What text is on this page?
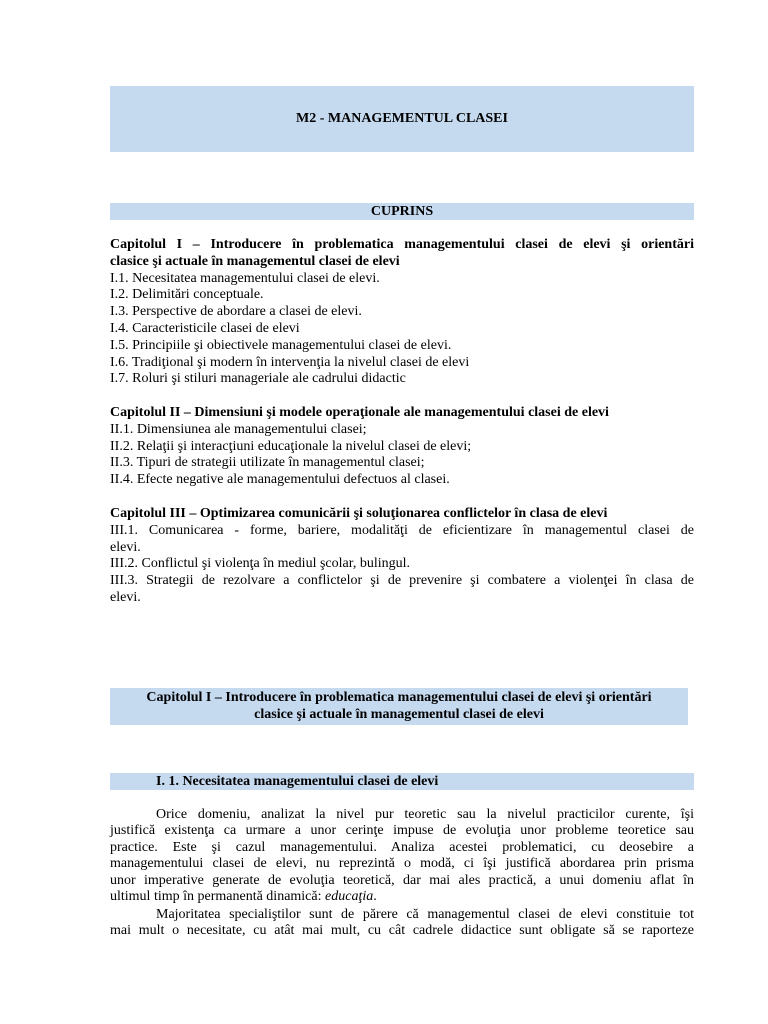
M2 - MANAGEMENTUL CLASEI
CUPRINS
Capitolul I – Introducere în problematica managementului clasei de elevi şi orientări
clasice şi actuale în managementul clasei de elevi
I.1. Necesitatea managementului clasei de elevi.
I.2. Delimitări conceptuale.
I.3. Perspective de abordare a clasei de elevi.
I.4. Caracteristicile clasei de elevi
I.5. Principiile şi obiectivele managementului clasei de elevi.
I.6. Tradiţional şi modern în intervenţia la nivelul clasei de elevi
I.7. Roluri şi stiluri manageriale ale cadrului didactic
Capitolul II – Dimensiuni şi modele operaţionale ale managementului clasei de elevi
II.1. Dimensiunea ale managementului clasei;
II.2. Relaţii şi interacţiuni educaţionale la nivelul clasei de elevi;
II.3. Tipuri de strategii utilizate în managementul clasei;
II.4. Efecte negative ale managementului defectuos al clasei.
Capitolul III – Optimizarea comunicării şi soluţionarea conflictelor în clasa de elevi
III.1. Comunicarea - forme, bariere, modalităţi de eficientizare în managementul clasei de
elevi.
III.2. Conflictul şi violenţa în mediul şcolar, bulingul.
III.3. Strategii de rezolvare a conflictelor şi de prevenire şi combatere a violenţei în clasa de
elevi.
Capitolul I – Introducere în problematica managementului clasei de elevi şi orientări
clasice şi actuale în managementul clasei de elevi
I. 1. Necesitatea managementului clasei de elevi
Orice domeniu, analizat la nivel pur teoretic sau la nivelul practicilor curente, îşi
justifică existenţa ca urmare a unor cerinţe impuse de evoluţia unor probleme teoretice sau
practice. Este şi cazul managementului. Analiza acestei problematici, cu deosebire a
managementului clasei de elevi, nu reprezintă o modă, ci îşi justifică abordarea prin prisma
unor imperative generate de evoluţia teoretică, dar mai ales practică, a unui domeniu aflat în
ultimul timp în permanentă dinamică: educaţia.
Majoritatea specialiştilor sunt de părere că managementul clasei de elevi constituie tot
mai mult o necesitate, cu atât mai mult, cu cât cadrele didactice sunt obligate să se raporteze
